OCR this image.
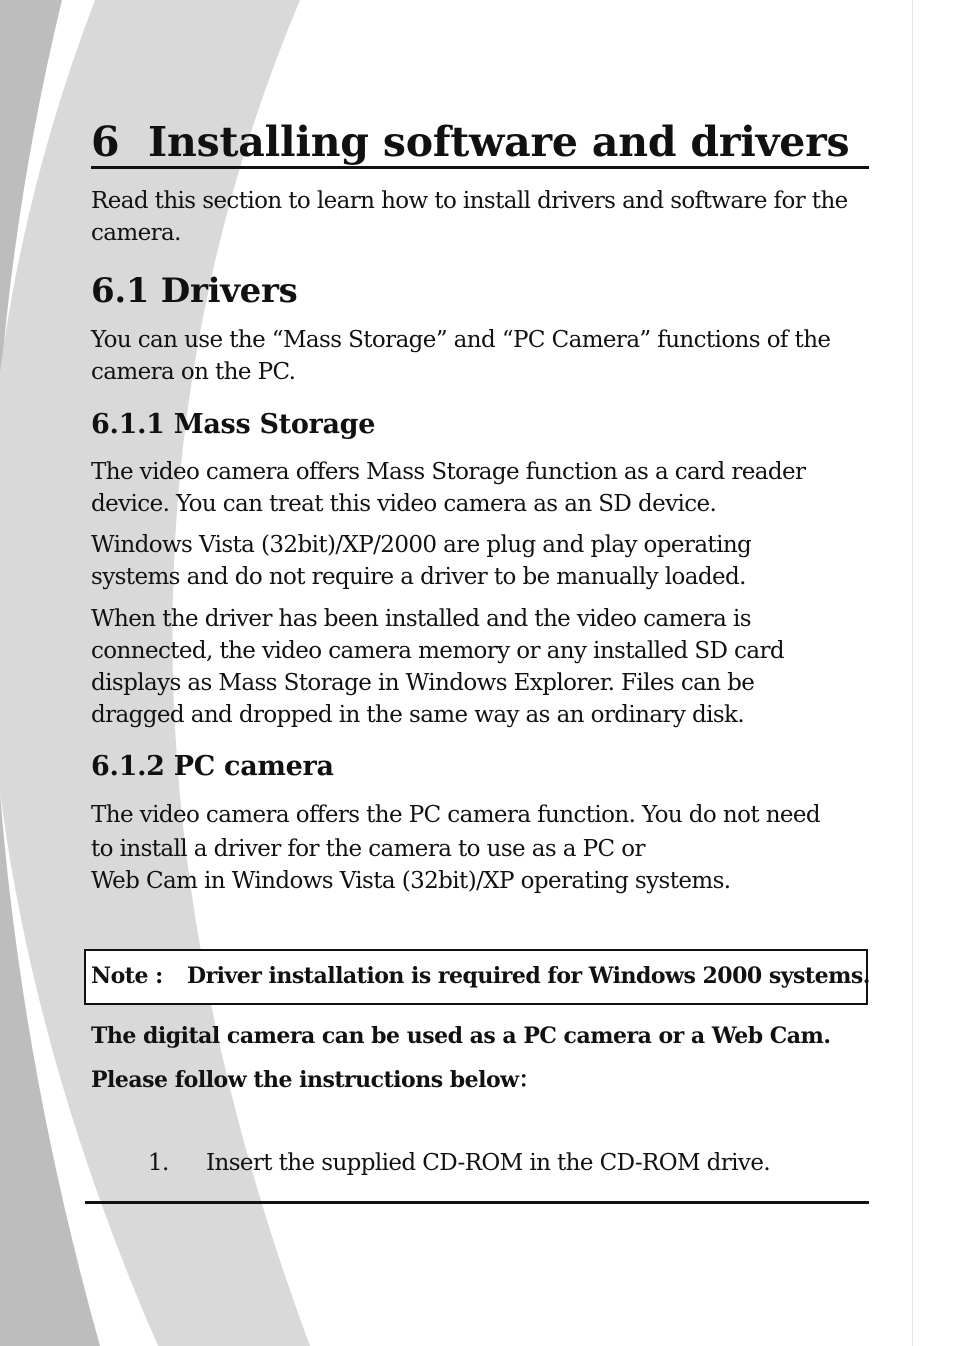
6 Installing software and drivers

Read this section to learn how to install drivers and software for the

camera.

6.1 Drivers

You can use the “Mass Storage” and “PC Camera” functions of the

camera on the PC.

6.1.1 Mass Storage

The video camera offers Mass Storage function as a card reader

device. You can treat this video camera as an SD device.

Windows Vista (32bit)/XP/2000 are plug and play operating

systems and do not require a driver to be manually loaded.

When the driver has been installed and the video camera is

connected, the video camera memory or any installed SD card

displays as Mass Storage in Windows Explorer. Files can be

dragged and dropped in the same way as an ordinary disk.

6.1.2 PC camera

The video camera offers the PC camera function. You do not need

to install a driver for the camera to use as a PC or

Web Cam in Windows Vista (32bit)/XP operating systems.

Note : Driver installation is required for Windows 2000 systems.

The digital camera can be used as a PC camera or a Web Cam.

Please follow the instructions below：

1. Insert the supplied CD-ROM in the CD-ROM drive.
